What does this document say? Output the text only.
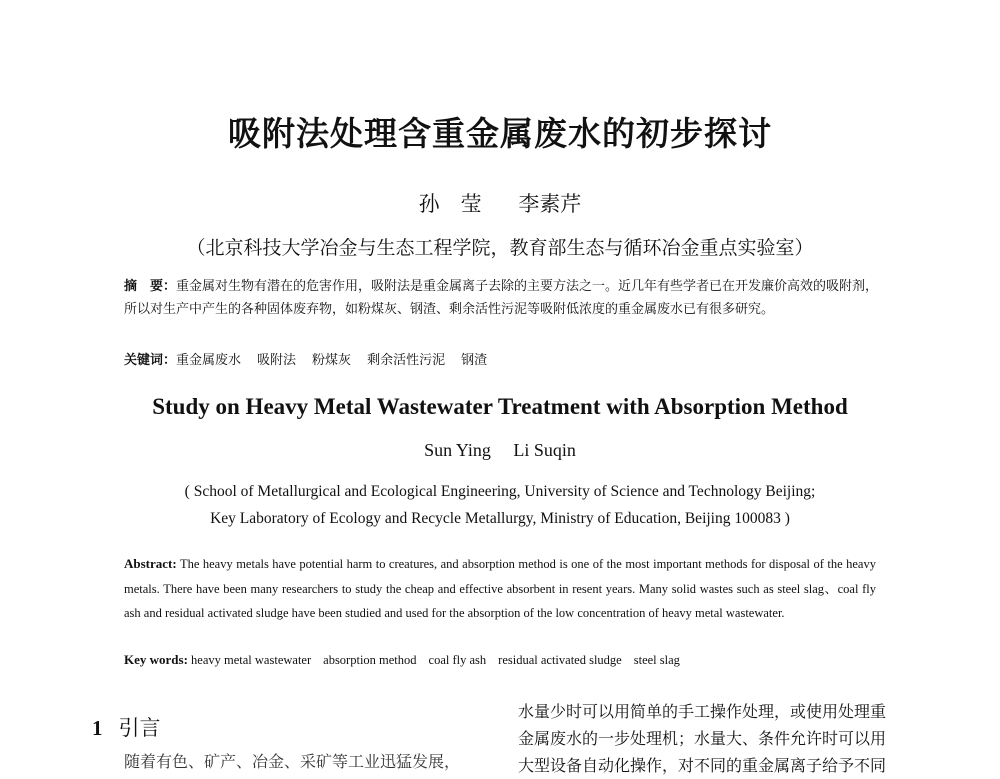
吸附法处理含重金属废水的初步探讨
孙　莹 李素芹
（北京科技大学冶金与生态工程学院，教育部生态与循环冶金重点实验室）

摘　要：重金属对生物有潜在的危害作用，吸附法是重金属离子去除的主要方法之一。近几年有些学者已在开发廉价高效的吸附剂，所以对生产中产生的各种固体废弃物，如粉煤灰、钢渣、剩余活性污泥等吸附低浓度的重金属废水已有很多研究。

关键词：重金属废水 吸附法 粉煤灰 剩余活性污泥 钢渣

Study on Heavy Metal Wastewater Treatment with Absorption Method
Sun Ying Li Suqin
( School of Metallurgical and Ecological Engineering, University of Science and Technology Beijing;
Key Laboratory of Ecology and Recycle Metallurgy, Ministry of Education, Beijing 100083 )

Abstract: The heavy metals have potential harm to creatures, and absorption method is one of the most important methods for disposal of the heavy metals. There have been many researchers to study the cheap and effective absorbent in resent years. Many solid wastes such as steel slag、coal fly ash and residual activated sludge have been studied and used for the absorption of the low concentration of heavy metal wastewater.

Key words: heavy metal wastewater absorption method coal fly ash residual activated sludge steel slag

1 引言

随着有色、矿产、冶金、采矿等工业迅猛发展，

水量少时可以用简单的手工操作处理，或使用处理重
金属废水的一步处理机；水量大、条件允许时可以用
大型设备自动化操作，对不同的重金属离子给予不同
